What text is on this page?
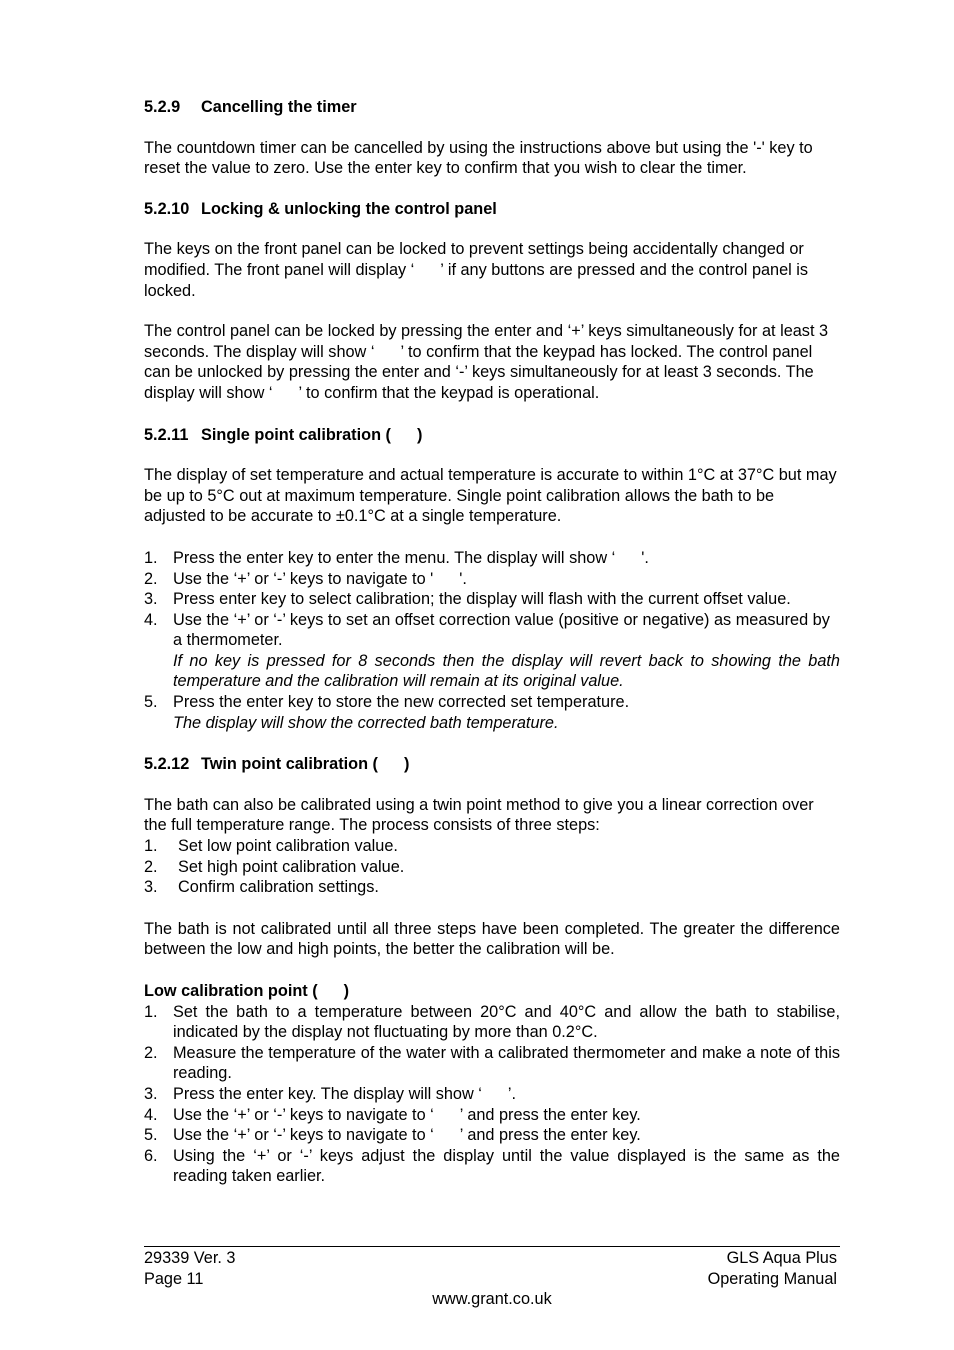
5.2.9 Cancelling the timer

The countdown timer can be cancelled by using the instructions above but using the '-' key to reset the value to zero. Use the enter key to confirm that you wish to clear the timer.

5.2.10 Locking & unlocking the control panel

The keys on the front panel can be locked to prevent settings being accidentally changed or modified. The front panel will display ‘ ’ if any buttons are pressed and the control panel is locked.

The control panel can be locked by pressing the enter and ‘+’ keys simultaneously for at least 3 seconds. The display will show ‘ ’ to confirm that the keypad has locked. The control panel can be unlocked by pressing the enter and ‘-’ keys simultaneously for at least 3 seconds. The display will show ‘ ’ to confirm that the keypad is operational.

5.2.11 Single point calibration ( )

The display of set temperature and actual temperature is accurate to within 1°C at 37°C but may be up to 5°C out at maximum temperature. Single point calibration allows the bath to be adjusted to be accurate to ±0.1°C at a single temperature.

1. Press the enter key to enter the menu. The display will show ‘ '.
2. Use the ‘+’ or ‘-’ keys to navigate to ' '.
3. Press enter key to select calibration; the display will flash with the current offset value.
4. Use the ‘+’ or ‘-’ keys to set an offset correction value (positive or negative) as measured by a thermometer.

If no key is pressed for 8 seconds then the display will revert back to showing the bath temperature and the calibration will remain at its original value.
5. Press the enter key to store the new corrected set temperature.
The display will show the corrected bath temperature.
5.2.12 Twin point calibration ( )

The bath can also be calibrated using a twin point method to give you a linear correction over the full temperature range. The process consists of three steps:

1. Set low point calibration value.
2. Set high point calibration value.
3. Confirm calibration settings.

The bath is not calibrated until all three steps have been completed. The greater the difference between the low and high points, the better the calibration will be.

Low calibration point ( )
1. Set the bath to a temperature between 20°C and 40°C and allow the bath to stabilise, indicated by the display not fluctuating by more than 0.2°C.
2. Measure the temperature of the water with a calibrated thermometer and make a note of this reading.
3. Press the enter key. The display will show ‘ ’.
4. Use the ‘+’ or ‘-’ keys to navigate to ‘ ’ and press the enter key.
5. Use the ‘+’ or ‘-’ keys to navigate to ‘ ’ and press the enter key.
6. Using the ‘+’ or ‘-’ keys adjust the display until the value displayed is the same as the reading taken earlier.
29339 Ver. 3	GLS Aqua Plus
Page 11	Operating Manual
www.grant.co.uk
